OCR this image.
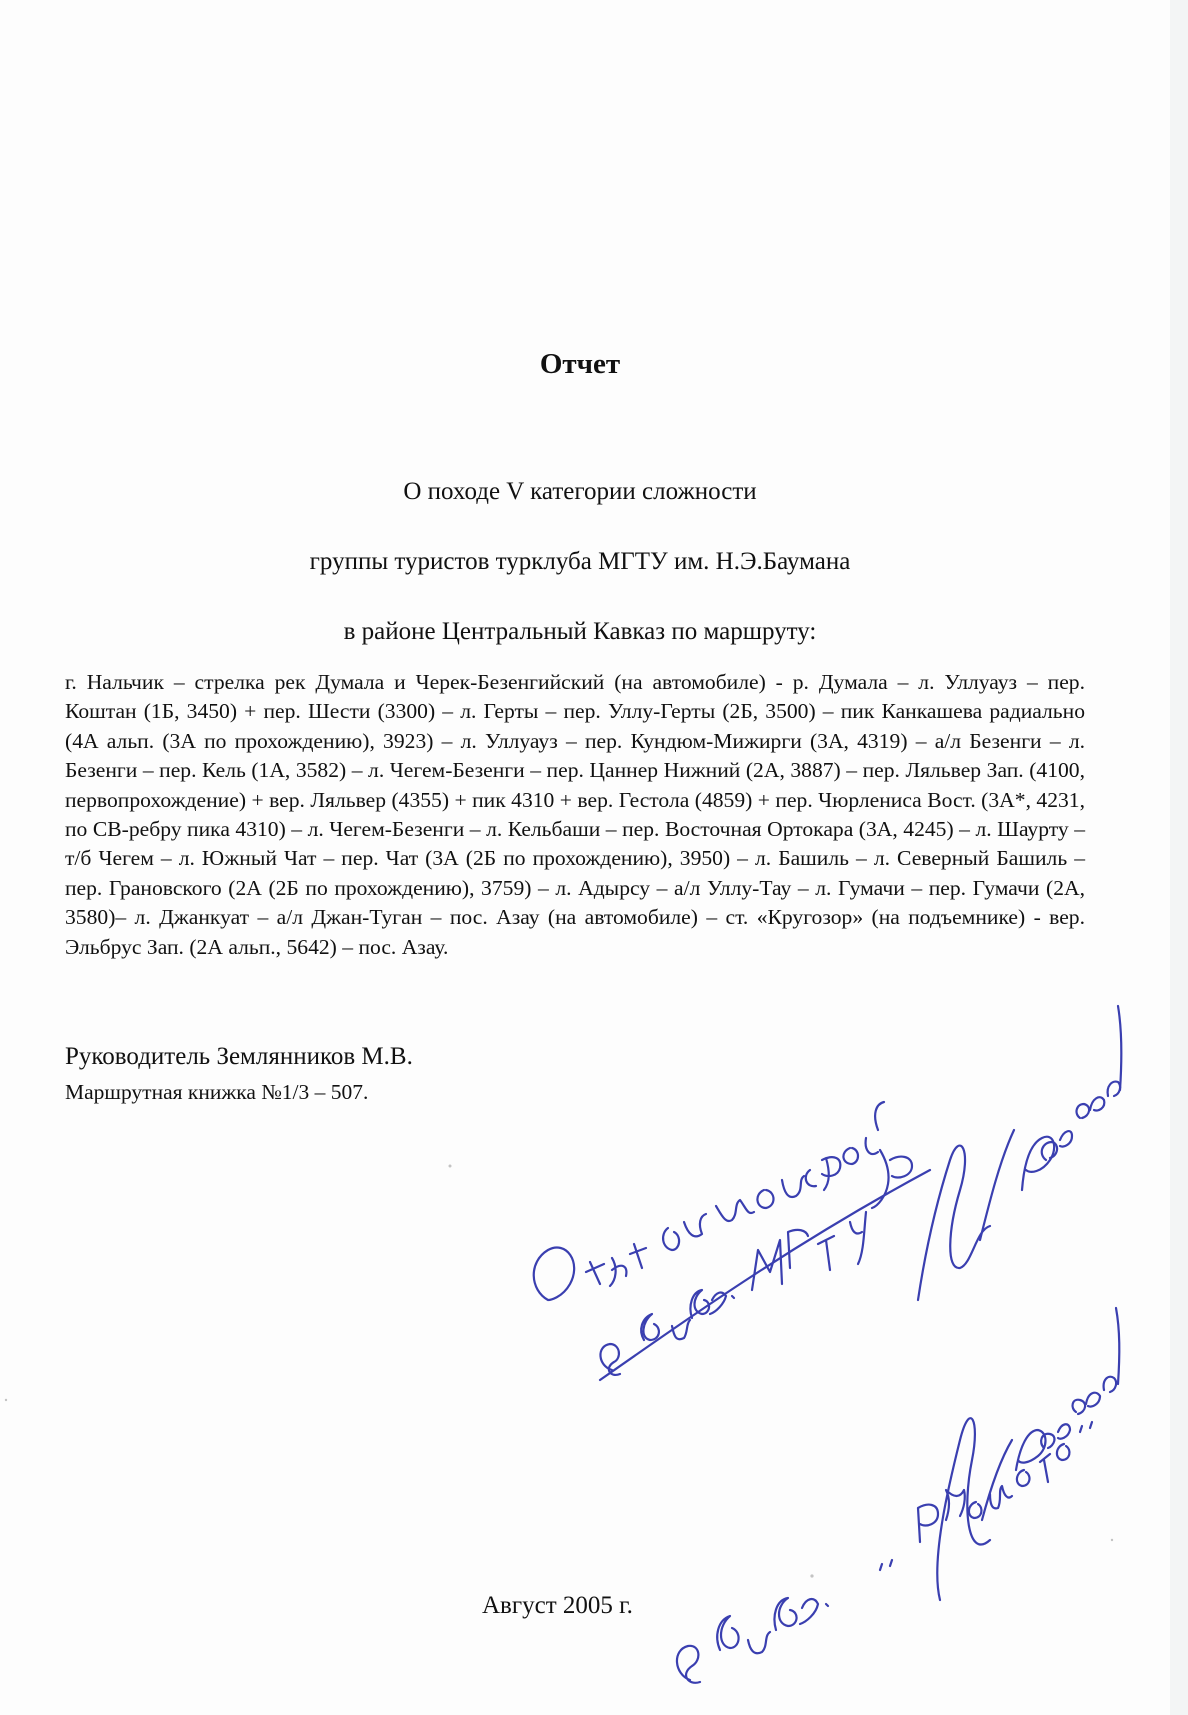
Отчет
О походе V категории сложности
группы туристов турклуба МГТУ им. Н.Э.Баумана
в районе Центральный Кавказ по маршруту:
г. Нальчик – стрелка рек Думала и Черек-Безенгийский (на автомобиле) - р. Думала – л. Уллуауз – пер. Коштан (1Б, 3450) + пер. Шести (3300) – л. Герты – пер. Уллу-Герты (2Б, 3500) – пик Канкашева радиально (4А альп. (3А по прохождению), 3923) – л. Уллуауз – пер. Кундюм-Мижирги (3А, 4319) – а/л Безенги – л. Безенги – пер. Кель (1А, 3582) – л. Чегем-Безенги – пер. Цаннер Нижний (2А, 3887) – пер. Ляльвер Зап. (4100, первопрохождение) + вер. Ляльвер (4355) + пик 4310 + вер. Гестола (4859) + пер. Чюрлениса Вост. (3А*, 4231, по СВ-ребру пика 4310) – л. Чегем-Безенги – л. Кельбаши – пер. Восточная Ортокара (3А, 4245) – л. Шаурту – т/б Чегем – л. Южный Чат – пер. Чат (3А (2Б по прохождению), 3950) – л. Башиль – л. Северный Башиль – пер. Грановского (2А (2Б по прохождению), 3759) – л. Адырсу – а/л Уллу-Тау – л. Гумачи – пер. Гумачи (2А, 3580)– л. Джанкуат – а/л Джан-Туган – пос. Азау (на автомобиле) – ст. «Кругозор» (на подъемнике) - вер. Эльбрус Зап. (2А альп., 5642) – пос. Азау.
Руководитель Землянников М.В.
Маршрутная книжка №1/3 – 507.
Август 2005 г.
